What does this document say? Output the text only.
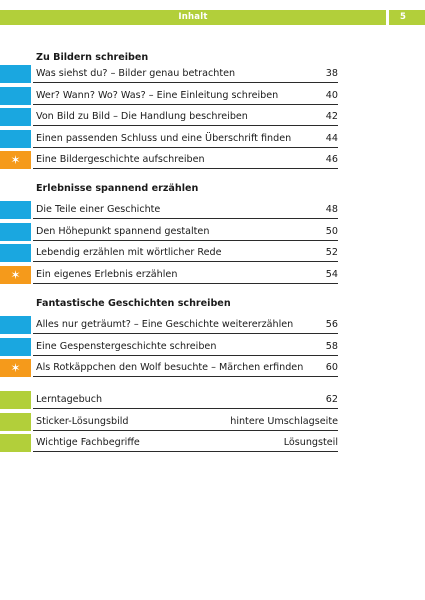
Inhalt	5
Zu Bildern schreiben
Was siehst du? – Bilder genau betrachten	38
Wer? Wann? Wo? Was? – Eine Einleitung schreiben	40
Von Bild zu Bild – Die Handlung beschreiben	42
Einen passenden Schluss und eine Überschrift finden	44
✶	Eine Bildergeschichte aufschreiben	46
Erlebnisse spannend erzählen
Die Teile einer Geschichte	48
Den Höhepunkt spannend gestalten	50
Lebendig erzählen mit wörtlicher Rede	52
✶	Ein eigenes Erlebnis erzählen	54
Fantastische Geschichten schreiben
Alles nur geträumt? – Eine Geschichte weitererzählen	56
Eine Gespenstergeschichte schreiben	58
✶	Als Rotkäppchen den Wolf besuchte – Märchen erfinden 60
Lerntagebuch	62
Sticker-Lösungsbild	hintere Umschlagseite
Wichtige Fachbegriffe	Lösungsteil
